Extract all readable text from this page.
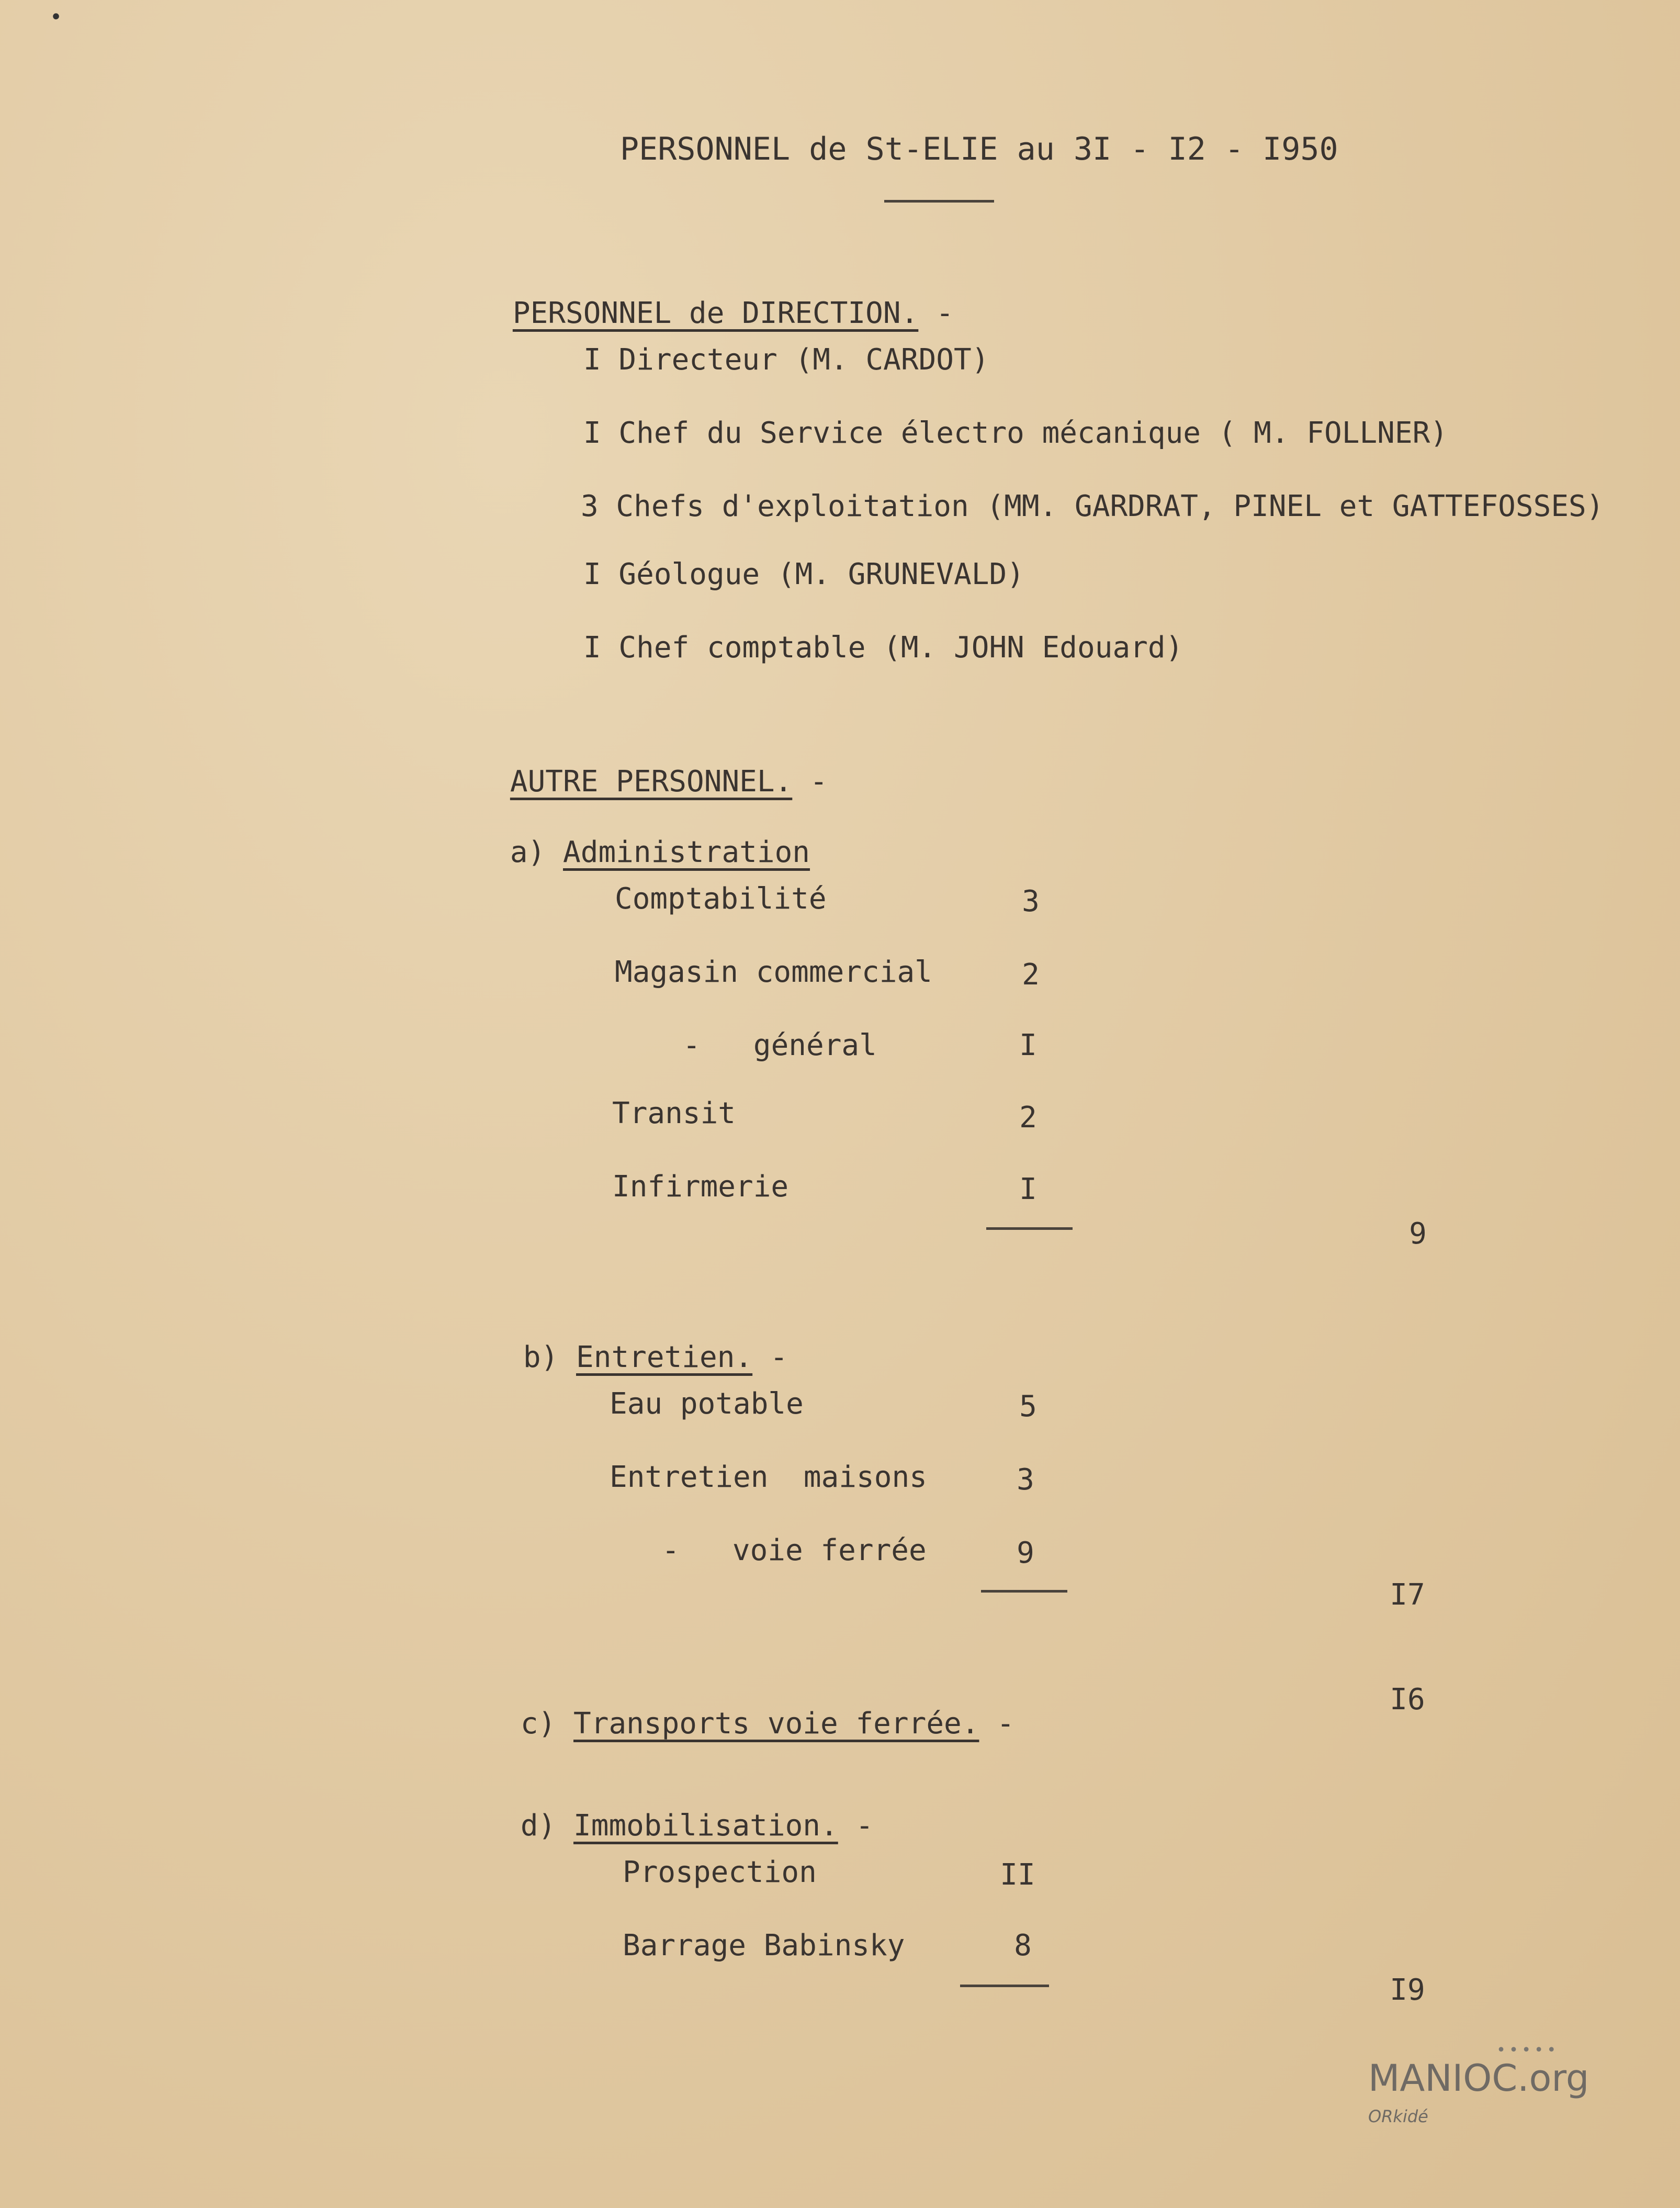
•
PERSONNEL de St-ELIE au 3I - I2 - I950

PERSONNEL de DIRECTION. -

I Directeur (M. CARDOT)
I Chef du Service électro mécanique ( M. FOLLNER)
3 Chefs d'exploitation (MM. GARDRAT, PINEL et GATTEFOSSES)
I Géologue (M. GRUNEVALD)
I Chef comptable (M. JOHN Edouard)

AUTRE PERSONNEL. -

a) Administration

Comptabilité	3
Magasin commercial	2
-   général	I
Transit	2
Infirmerie	I
9

b) Entretien. -

Eau potable	5
Entretien  maisons	3
-   voie ferrée	9
I7

c) Transports voie ferrée. -

I6

d) Immobilisation. -

Prospection	II
Barrage Babinsky	8
I9
•••••
MANIOC.org
ORkidé
